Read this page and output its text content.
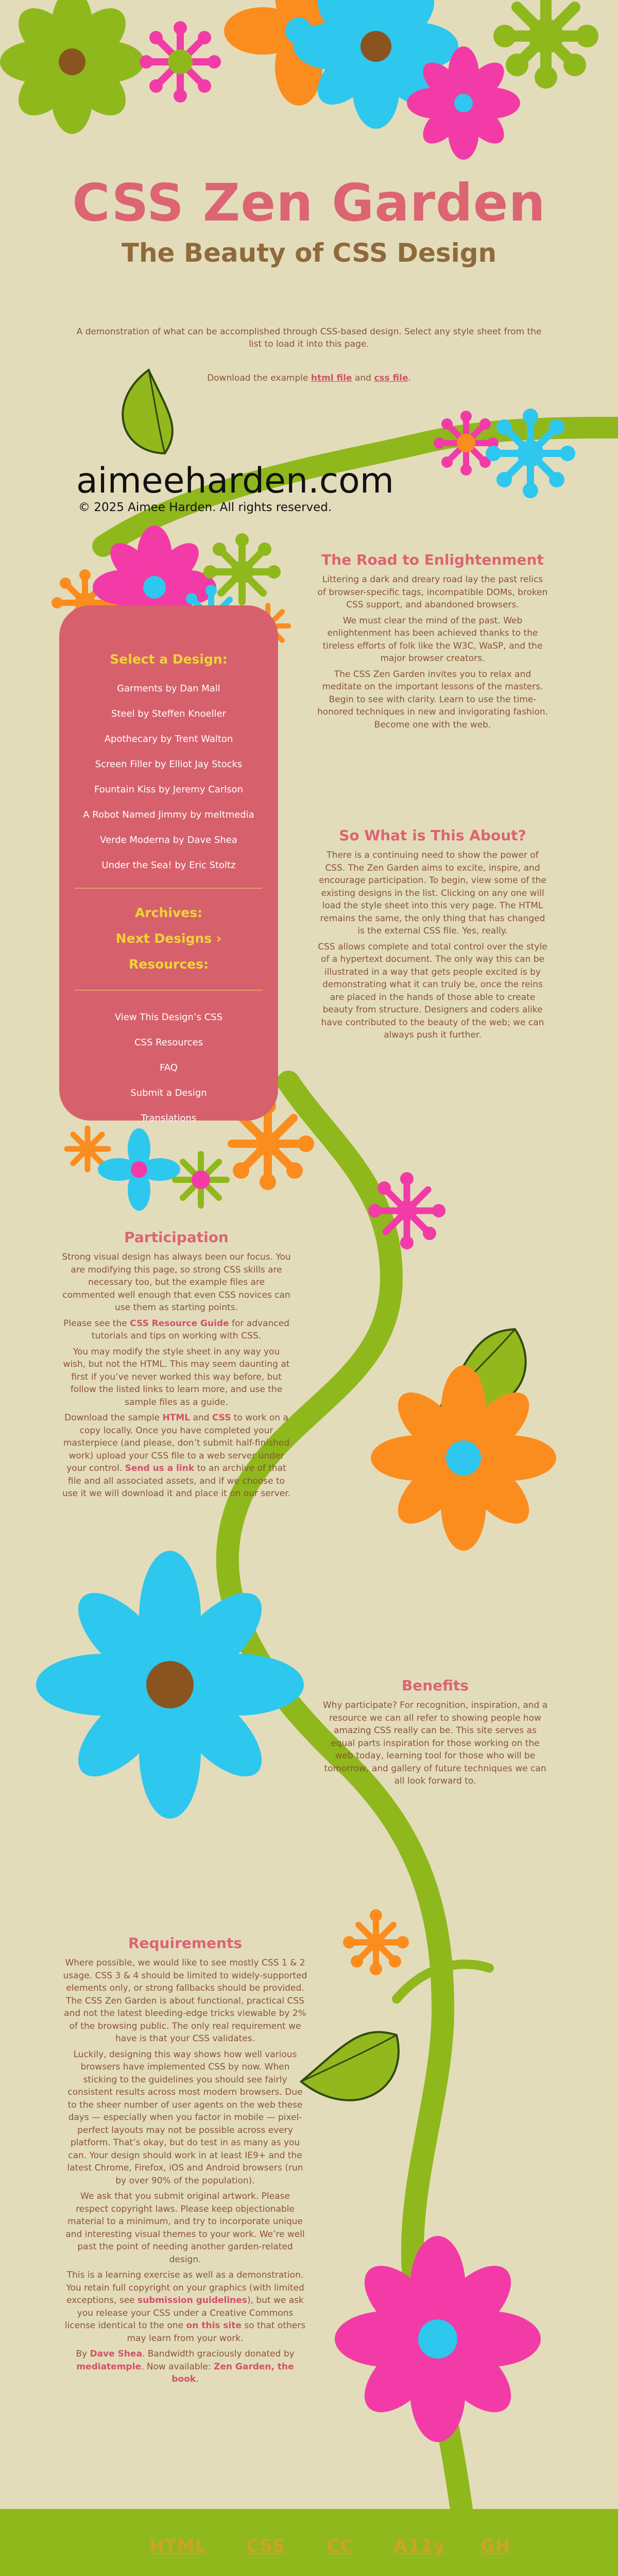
CSS Zen Garden
The Beauty of CSS Design

A demonstration of what can be accomplished through CSS-based design. Select any style sheet from the list to load it into this page.

Download the example html file and css file.

aimeeharden.com

© 2025 Aimee Harden. All rights reserved.

The Road to Enlightenment

Littering a dark and dreary road lay the past relics of browser-specific tags, incompatible DOMs, broken CSS support, and abandoned browsers.

We must clear the mind of the past. Web enlightenment has been achieved thanks to the tireless efforts of folk like the W3C, WaSP, and the major browser creators.

The CSS Zen Garden invites you to relax and meditate on the important lessons of the masters. Begin to see with clarity. Learn to use the time-honored techniques in new and invigorating fashion. Become one with the web.

So What is This About?

There is a continuing need to show the power of CSS. The Zen Garden aims to excite, inspire, and encourage participation. To begin, view some of the existing designs in the list. Clicking on any one will load the style sheet into this very page. The HTML remains the same, the only thing that has changed is the external CSS file. Yes, really.

CSS allows complete and total control over the style of a hypertext document. The only way this can be illustrated in a way that gets people excited is by demonstrating what it can truly be, once the reins are placed in the hands of those able to create beauty from structure. Designers and coders alike have contributed to the beauty of the web; we can always push it further.

Select a Design:
Garments by Dan Mall
Steel by Steffen Knoeller
Apothecary by Trent Walton
Screen Filler by Elliot Jay Stocks
Fountain Kiss by Jeremy Carlson
A Robot Named Jimmy by meltmedia
Verde Moderna by Dave Shea
Under the Sea! by Eric Stoltz
Archives:
Next Designs ›
Resources:
View This Design’s CSS
CSS Resources
FAQ
Submit a Design
Translations
Participation

Strong visual design has always been our focus. You are modifying this page, so strong CSS skills are necessary too, but the example files are commented well enough that even CSS novices can use them as starting points.

Please see the CSS Resource Guide for advanced tutorials and tips on working with CSS.

You may modify the style sheet in any way you wish, but not the HTML. This may seem daunting at first if you’ve never worked this way before, but follow the listed links to learn more, and use the sample files as a guide.

Download the sample HTML and CSS to work on a copy locally. Once you have completed your masterpiece (and please, don’t submit half-finished work) upload your CSS file to a web server under your control. Send us a link to an archive of that file and all associated assets, and if we choose to use it we will download it and place it on our server.

Benefits

Why participate? For recognition, inspiration, and a resource we can all refer to showing people how amazing CSS really can be. This site serves as equal parts inspiration for those working on the web today, learning tool for those who will be tomorrow, and gallery of future techniques we can all look forward to.

Requirements

Where possible, we would like to see mostly CSS 1 & 2 usage. CSS 3 & 4 should be limited to widely-supported elements only, or strong fallbacks should be provided. The CSS Zen Garden is about functional, practical CSS and not the latest bleeding-edge tricks viewable by 2% of the browsing public. The only real requirement we have is that your CSS validates.

Luckily, designing this way shows how well various browsers have implemented CSS by now. When sticking to the guidelines you should see fairly consistent results across most modern browsers. Due to the sheer number of user agents on the web these days — especially when you factor in mobile — pixel-perfect layouts may not be possible across every platform. That’s okay, but do test in as many as you can. Your design should work in at least IE9+ and the latest Chrome, Firefox, iOS and Android browsers (run by over 90% of the population).

We ask that you submit original artwork. Please respect copyright laws. Please keep objectionable material to a minimum, and try to incorporate unique and interesting visual themes to your work. We’re well past the point of needing another garden-related design.

This is a learning exercise as well as a demonstration. You retain full copyright on your graphics (with limited exceptions, see submission guidelines), but we ask you release your CSS under a Creative Commons license identical to the one on this site so that others may learn from your work.

By Dave Shea. Bandwidth graciously donated by mediatemple. Now available: Zen Garden, the book.

HTML CSS CC A11y GH
